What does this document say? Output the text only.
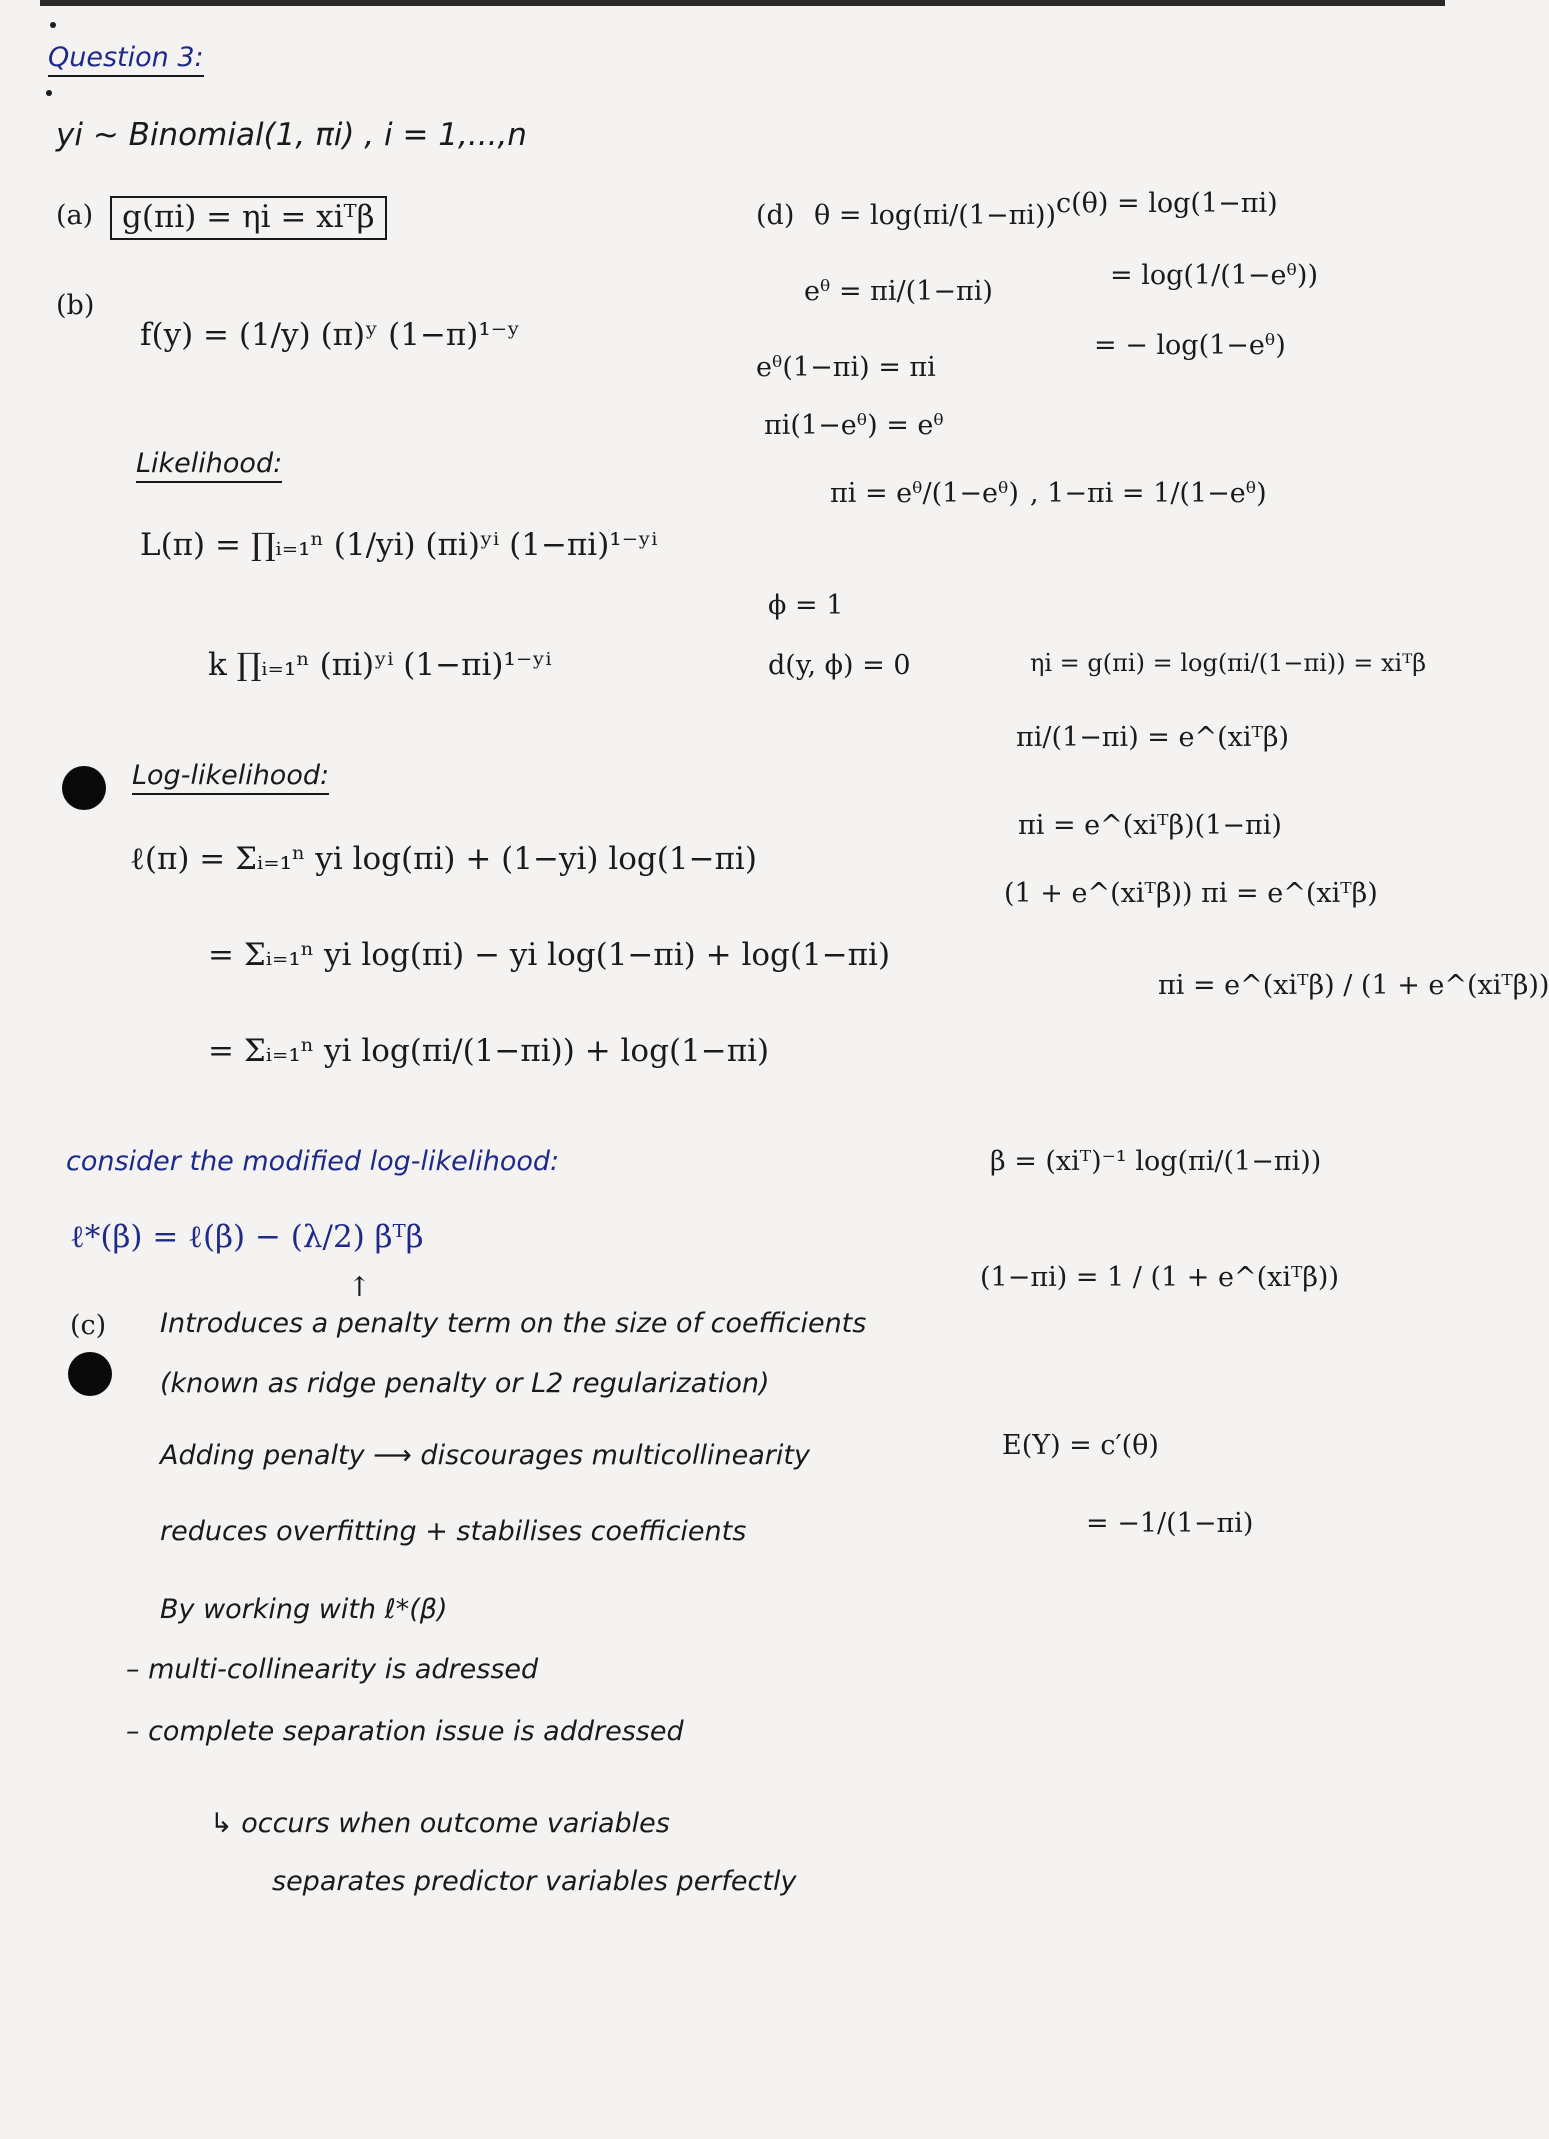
Question 3:
yi ~ Binomial(1, πi) , i = 1,...,n
(a) g(πi) = ηi = xiᵀβ
(b)
f(y) = (1/y) (π)ʸ (1−π)¹⁻ʸ
Likelihood:
L(π) = ∏ᵢ₌₁ⁿ (1/yi) (πi)ʸⁱ (1−πi)¹⁻ʸⁱ
k ∏ᵢ₌₁ⁿ (πi)ʸⁱ (1−πi)¹⁻ʸⁱ
Log-likelihood:
ℓ(π) = Σᵢ₌₁ⁿ yi log(πi) + (1−yi) log(1−πi)
= Σᵢ₌₁ⁿ yi log(πi) − yi log(1−πi) + log(1−πi)
= Σᵢ₌₁ⁿ yi log(πi/(1−πi)) + log(1−πi)
consider the modified log-likelihood:
ℓ*(β) = ℓ(β) − (λ/2) βᵀβ
↑
(c) Introduces a penalty term on the size of coefficients
(known as ridge penalty or L2 regularization)
Adding penalty ⟶ discourages multicollinearity
reduces overfitting + stabilises coefficients
By working with ℓ*(β)
– multi-collinearity is adressed
– complete separation issue is addressed
↳ occurs when outcome variables
separates predictor variables perfectly
(d) θ = log(πi/(1−πi)) c(θ) = log(1−πi)
= log(1/(1−eᶿ))
= − log(1−eᶿ)
eᶿ = πi/(1−πi)
eᶿ(1−πi) = πi
πi(1−eᶿ) = eᶿ
πi = eᶿ/(1−eᶿ) , 1−πi = 1/(1−eᶿ)
ϕ = 1
d(y, ϕ) = 0	ηi = g(πi) = log(πi/(1−πi)) = xiᵀβ
πi/(1−πi) = e^(xiᵀβ)
πi = e^(xiᵀβ)(1−πi)
(1 + e^(xiᵀβ)) πi = e^(xiᵀβ)
πi = e^(xiᵀβ) / (1 + e^(xiᵀβ))
β = (xiᵀ)⁻¹ log(πi/(1−πi))
(1−πi) = 1 / (1 + e^(xiᵀβ))
E(Y) = c′(θ)
= −1/(1−πi)
